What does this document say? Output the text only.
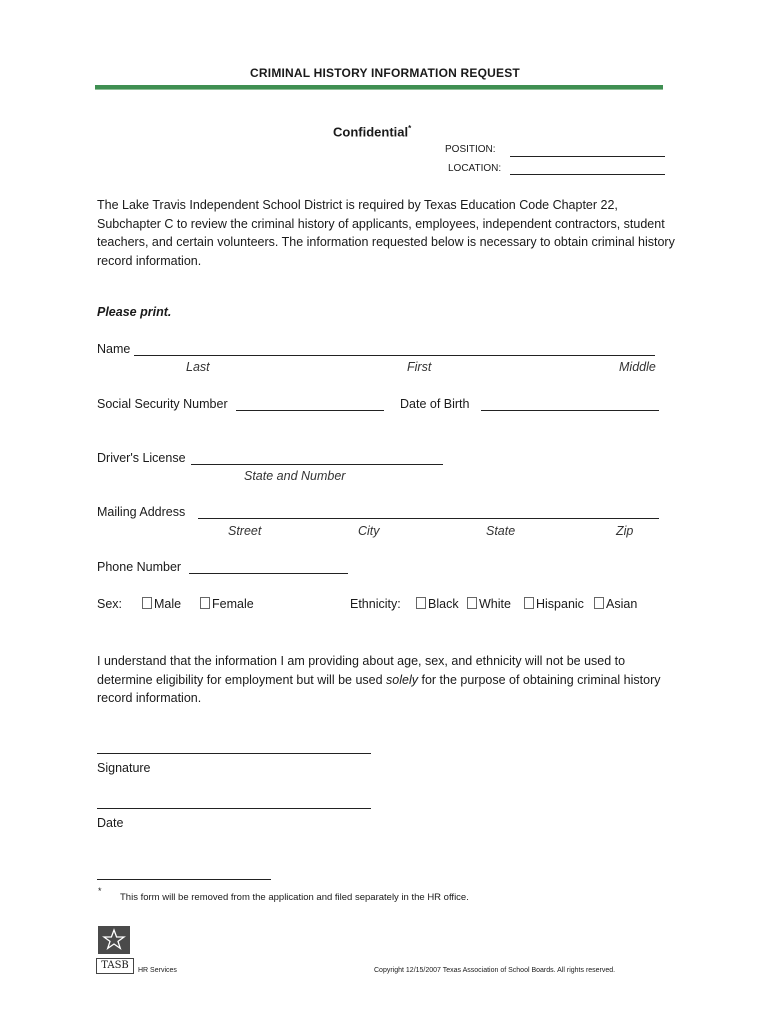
CRIMINAL HISTORY INFORMATION REQUEST
Confidential*
POSITION:
LOCATION:
The Lake Travis Independent School District is required by Texas Education Code Chapter 22, Subchapter C to review the criminal history of applicants, employees, independent contractors, student teachers, and certain volunteers. The information requested below is necessary to obtain criminal history record information.
Please print.
Name
Last	First	Middle
Social Security Number	Date of Birth
Driver's License
State and Number
Mailing Address
Street	City	State	Zip
Phone Number
Sex:	Male	Female	Ethnicity:	Black	White	Hispanic	Asian
I understand that the information I am providing about age, sex, and ethnicity will not be used to determine eligibility for employment but will be used solely for the purpose of obtaining criminal history record information.
Signature
Date
*
This form will be removed from the application and filed separately in the HR office.
TASB	HR Services	Copyright 12/15/2007 Texas Association of School Boards. All rights reserved.
